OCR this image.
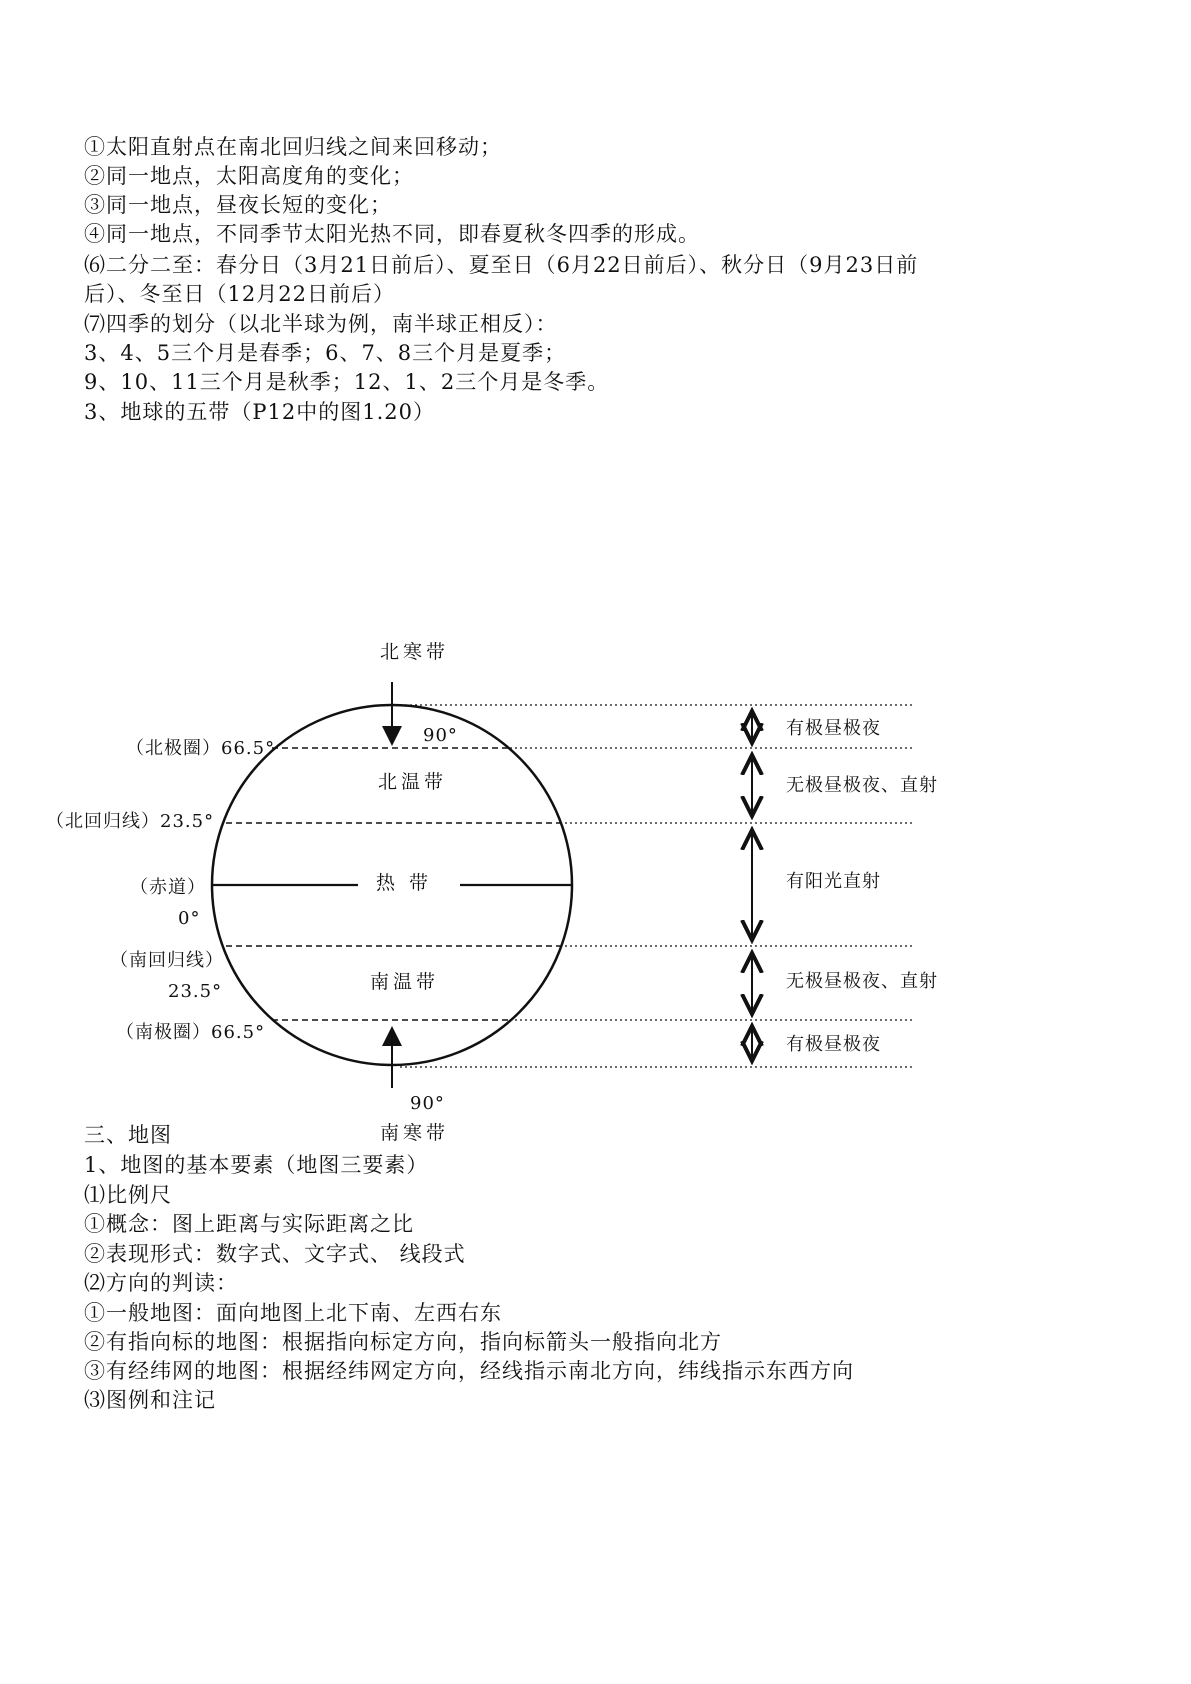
①太阳直射点在南北回归线之间来回移动；
②同一地点，太阳高度角的变化；
③同一地点，昼夜长短的变化；
④同一地点，不同季节太阳光热不同，即春夏秋冬四季的形成。
⑹二分二至：春分日（3月21日前后）、夏至日（6月22日前后）、秋分日（9月23日前
后）、冬至日（12月22日前后）
⑺四季的划分（以北半球为例，南半球正相反）：
3、4、5三个月是春季；6、7、8三个月是夏季；
9、10、11三个月是秋季；12、1、2三个月是冬季。
3、地球的五带（P12中的图1.20）
北寒带
北温带
热 带
南温带
南寒带
90°
90°
（北极圈）66.5°
（北回归线）23.5°
（赤道）
0°
（南回归线）
23.5°
（南极圈）66.5°
有极昼极夜
无极昼极夜、直射
有阳光直射
无极昼极夜、直射
有极昼极夜
三、地图
1、地图的基本要素（地图三要素）
⑴比例尺
①概念：图上距离与实际距离之比
②表现形式：数字式、文字式、 线段式
⑵方向的判读：
①一般地图：面向地图上北下南、左西右东
②有指向标的地图：根据指向标定方向，指向标箭头一般指向北方
③有经纬网的地图：根据经纬网定方向，经线指示南北方向，纬线指示东西方向
⑶图例和注记
